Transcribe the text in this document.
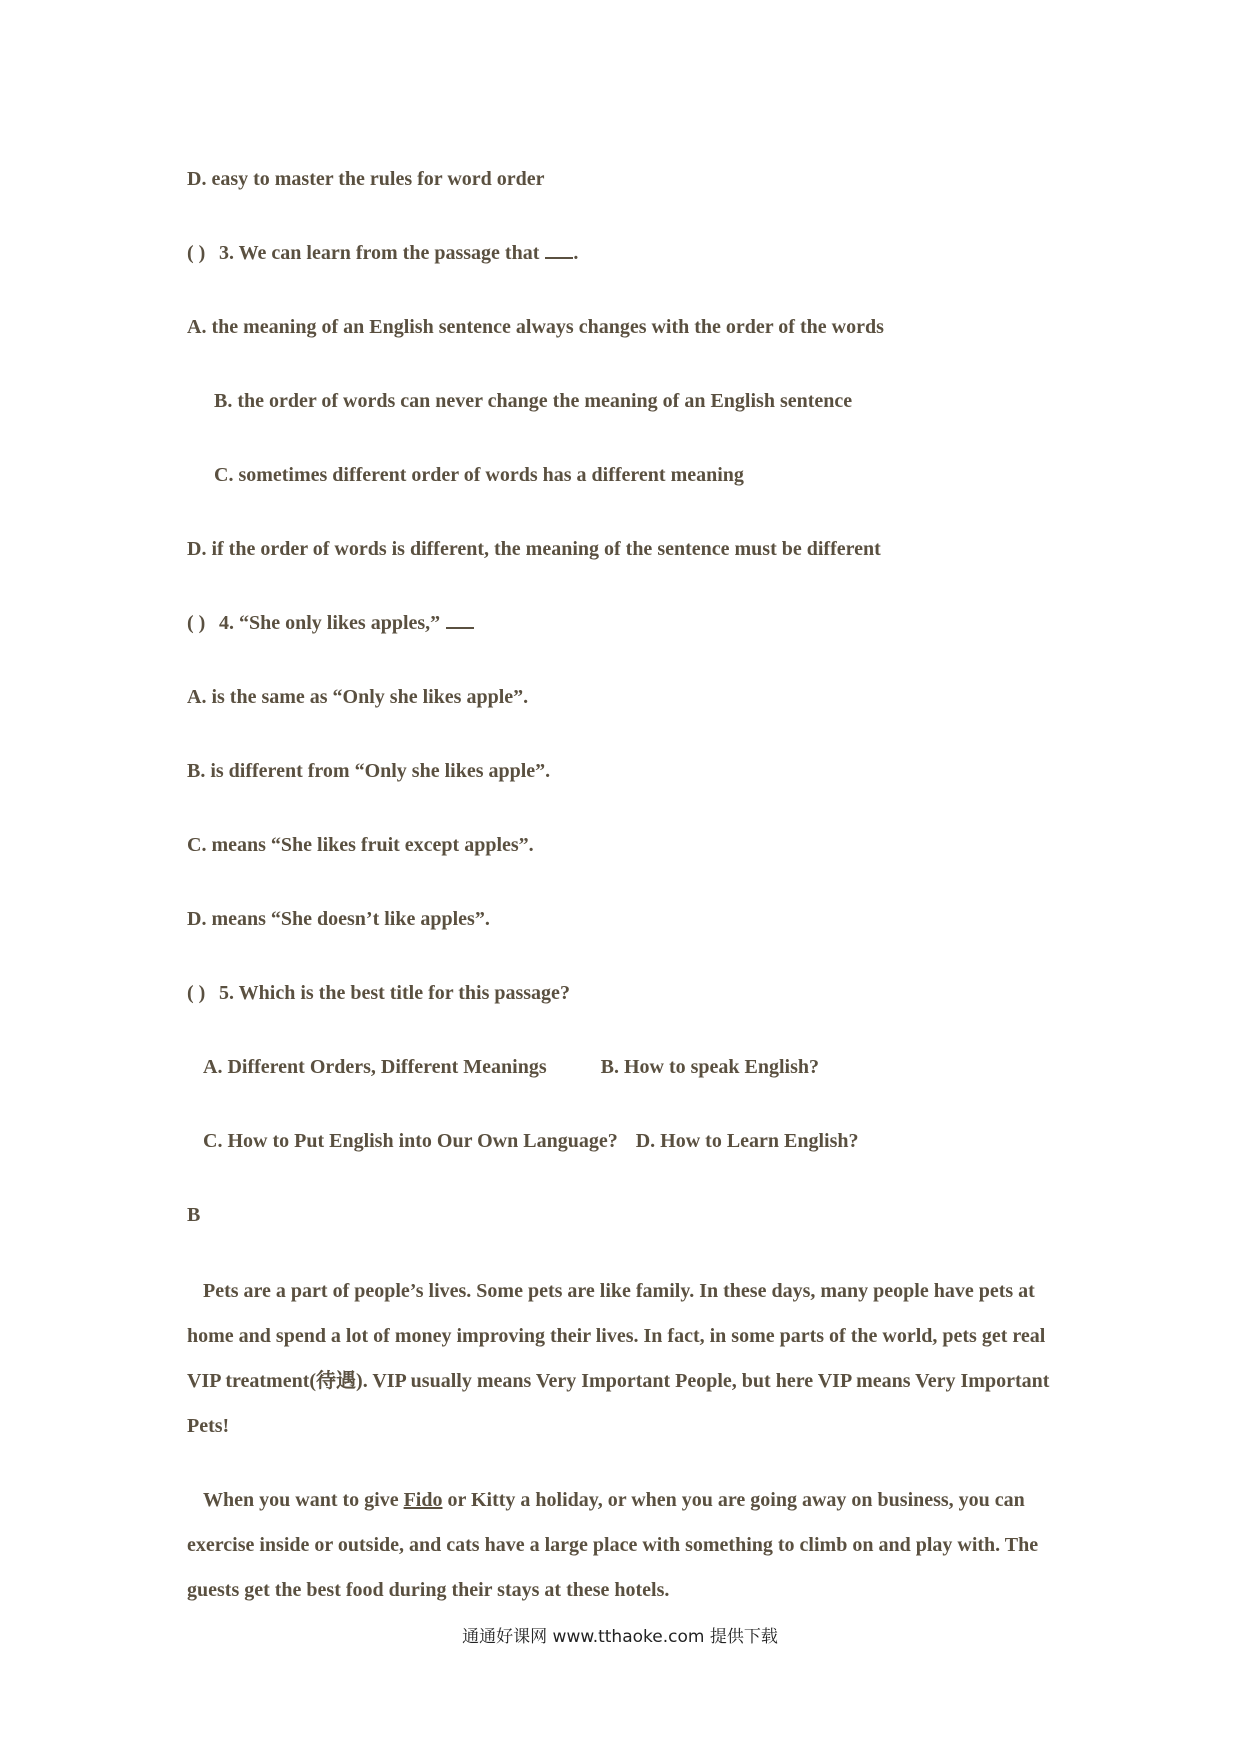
D. easy to master the rules for word order
( ) 3. We can learn from the passage that .
A. the meaning of an English sentence always changes with the order of the words
B. the order of words can never change the meaning of an English sentence
C. sometimes different order of words has a different meaning
D. if the order of words is different, the meaning of the sentence must be different
( ) 4. “She only likes apples,”
A. is the same as “Only she likes apple”.
B. is different from “Only she likes apple”.
C. means “She likes fruit except apples”.
D. means “She doesn’t like apples”.
( ) 5. Which is the best title for this passage?
A. Different Orders, Different Meanings	B. How to speak English?
C. How to Put English into Our Own Language? D. How to Learn English?
B
Pets are a part of people’s lives. Some pets are like family. In these days, many people have pets at home and spend a lot of money improving their lives. In fact, in some parts of the world, pets get real VIP treatment(待遇). VIP usually means Very Important People, but here VIP means Very Important Pets!
When you want to give Fido or Kitty a holiday, or when you are going away on business, you can exercise inside or outside, and cats have a large place with something to climb on and play with. The guests get the best food during their stays at these hotels.
通通好课网 www.tthaoke.com 提供下载
